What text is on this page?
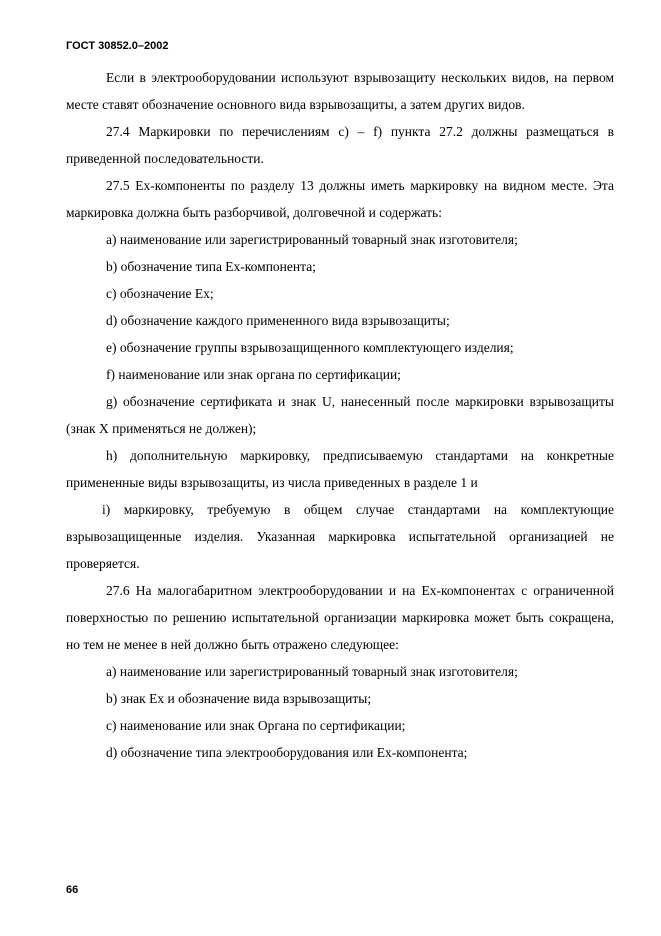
ГОСТ 30852.0–2002

Если в электрооборудовании используют взрывозащиту нескольких видов, на первом месте ставят обозначение основного вида взрывозащиты, а затем других видов.

27.4 Маркировки по перечислениям с) – f) пункта 27.2 должны размещаться в приведенной последовательности.

27.5 Ex-компоненты по разделу 13 должны иметь маркировку на видном месте. Эта маркировка должна быть разборчивой, долговечной и содержать:

a) наименование или зарегистрированный товарный знак изготовителя;

b) обозначение типа Ex-компонента;

c) обозначение Ex;

d) обозначение каждого примененного вида взрывозащиты;

e) обозначение группы взрывозащищенного комплектующего изделия;

f) наименование или знак органа по сертификации;

g) обозначение сертификата и знак U, нанесенный после маркировки взрывозащиты (знак X применяться не должен);

h) дополнительную маркировку, предписываемую стандартами на конкретные примененные виды взрывозащиты, из числа приведенных в разделе 1 и

i) маркировку, требуемую в общем случае стандартами на комплектующие взрывозащищенные изделия. Указанная маркировка испытательной организацией не проверяется.

27.6 На малогабаритном электрооборудовании и на Ex-компонентах с ограниченной поверхностью по решению испытательной организации маркировка может быть сокращена, но тем не менее в ней должно быть отражено следующее:

a) наименование или зарегистрированный товарный знак изготовителя;

b) знак Ex и обозначение вида взрывозащиты;

c) наименование или знак Органа по сертификации;

d) обозначение типа электрооборудования или Ex-компонента;

66
